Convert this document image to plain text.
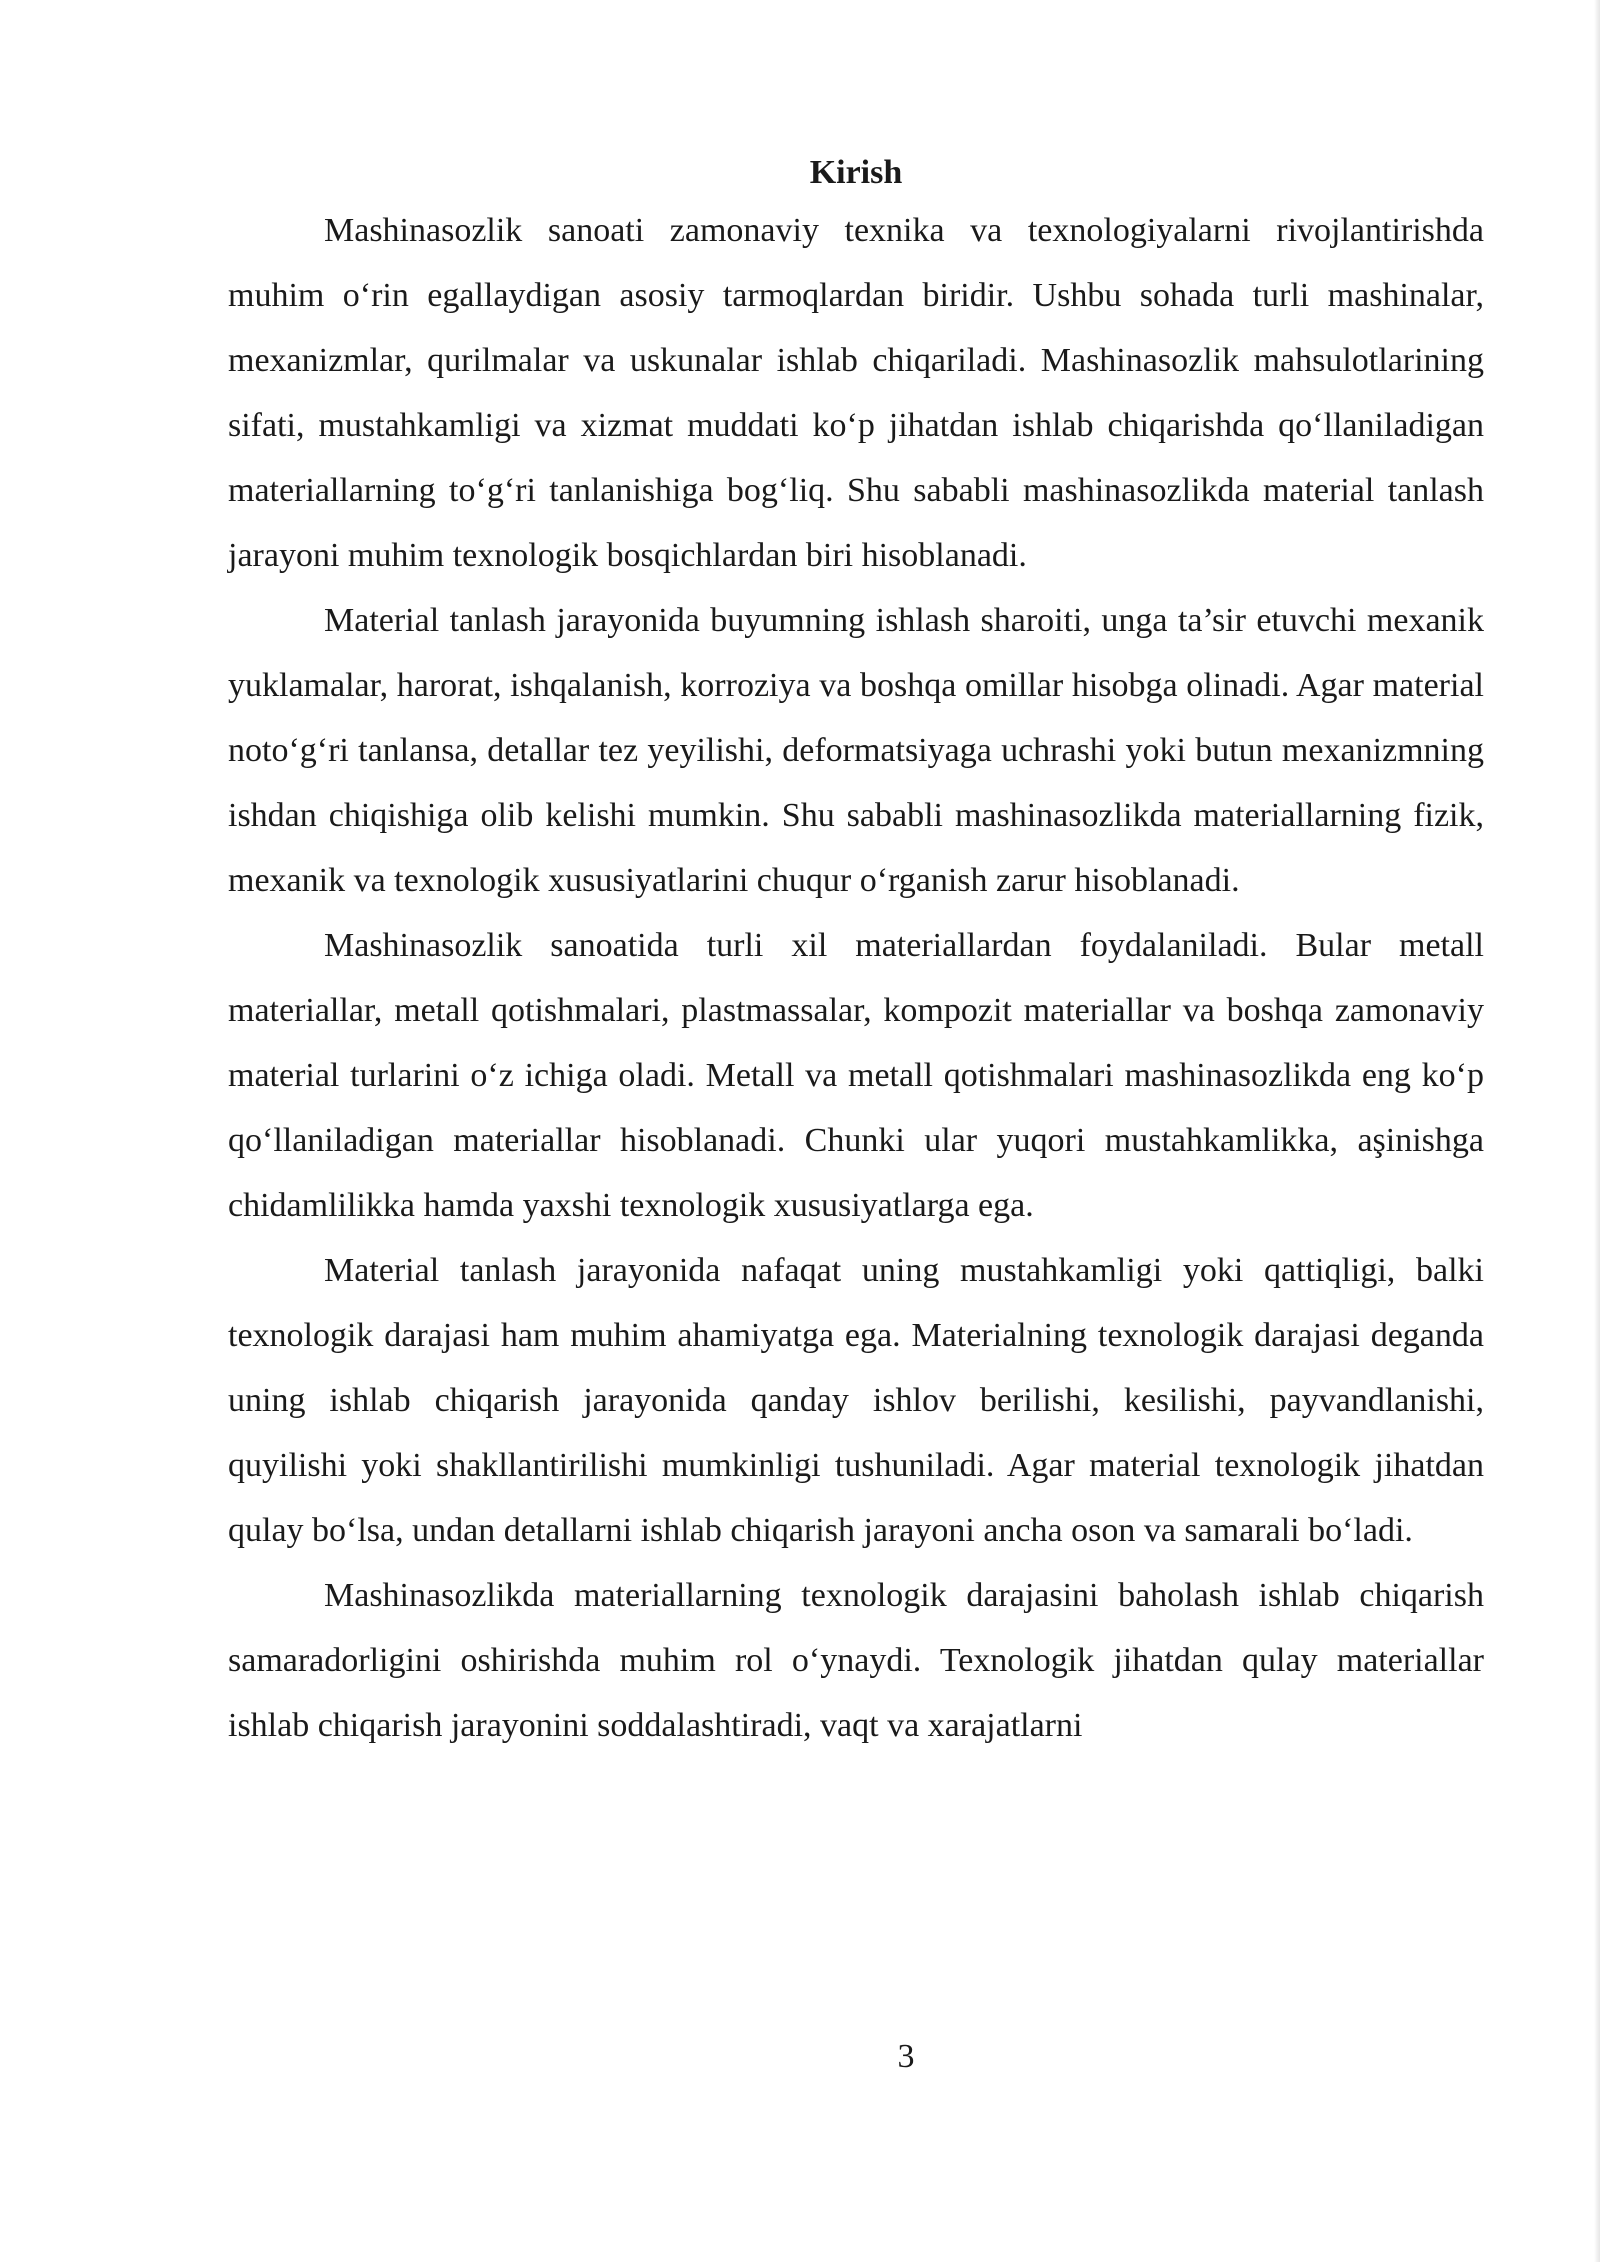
Kirish

Mashinasozlik sanoati zamonaviy texnika va texnologiyalarni rivojlantirishda muhim o‘rin egallaydigan asosiy tarmoqlardan biridir. Ushbu sohada turli mashinalar, mexanizmlar, qurilmalar va uskunalar ishlab chiqariladi. Mashinasozlik mahsulotlarining sifati, mustahkamligi va xizmat muddati ko‘p jihatdan ishlab chiqarishda qo‘llaniladigan materiallarning to‘g‘ri tanlanishiga bog‘liq. Shu sababli mashinasozlikda material tanlash jarayoni muhim texnologik bosqichlardan biri hisoblanadi.

Material tanlash jarayonida buyumning ishlash sharoiti, unga ta’sir etuvchi mexanik yuklamalar, harorat, ishqalanish, korroziya va boshqa omillar hisobga olinadi. Agar material noto‘g‘ri tanlansa, detallar tez yeyilishi, deformatsiyaga uchrashi yoki butun mexanizmning ishdan chiqishiga olib kelishi mumkin. Shu sababli mashinasozlikda materiallarning fizik, mexanik va texnologik xususiyatlarini chuqur o‘rganish zarur hisoblanadi.

Mashinasozlik sanoatida turli xil materiallardan foydalaniladi. Bular metall materiallar, metall qotishmalari, plastmassalar, kompozit materiallar va boshqa zamonaviy material turlarini o‘z ichiga oladi. Metall va metall qotishmalari mashinasozlikda eng ko‘p qo‘llaniladigan materiallar hisoblanadi. Chunki ular yuqori mustahkamlikka, aşinishga chidamlilikka hamda yaxshi texnologik xususiyatlarga ega.

Material tanlash jarayonida nafaqat uning mustahkamligi yoki qattiqligi, balki texnologik darajasi ham muhim ahamiyatga ega. Materialning texnologik darajasi deganda uning ishlab chiqarish jarayonida qanday ishlov berilishi, kesilishi, payvandlanishi, quyilishi yoki shakllantirilishi mumkinligi tushuniladi. Agar material texnologik jihatdan qulay bo‘lsa, undan detallarni ishlab chiqarish jarayoni ancha oson va samarali bo‘ladi.

Mashinasozlikda materiallarning texnologik darajasini baholash ishlab chiqarish samaradorligini oshirishda muhim rol o‘ynaydi. Texnologik jihatdan qulay materiallar ishlab chiqarish jarayonini soddalashtiradi, vaqt va xarajatlarni

3
